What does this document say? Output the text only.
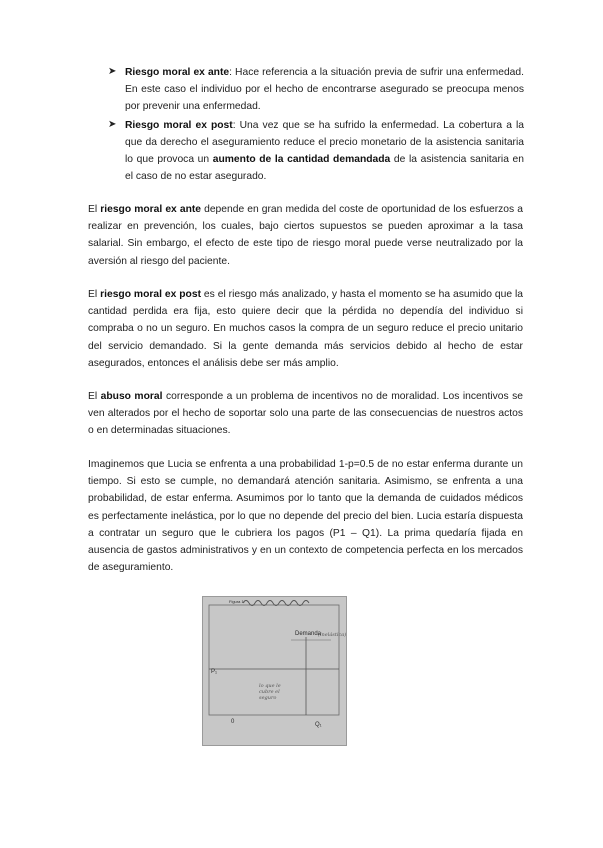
➤ Riesgo moral ex ante: Hace referencia a la situación previa de sufrir una enfermedad. En este caso el individuo por el hecho de encontrarse asegurado se preocupa menos por prevenir una enfermedad.
➤ Riesgo moral ex post: Una vez que se ha sufrido la enfermedad. La cobertura a la que da derecho el aseguramiento reduce el precio monetario de la asistencia sanitaria lo que provoca un aumento de la cantidad demandada de la asistencia sanitaria en el caso de no estar asegurado.
El riesgo moral ex ante depende en gran medida del coste de oportunidad de los esfuerzos a realizar en prevención, los cuales, bajo ciertos supuestos se pueden aproximar a la tasa salarial. Sin embargo, el efecto de este tipo de riesgo moral puede verse neutralizado por la aversión al riesgo del paciente.
El riesgo moral ex post es el riesgo más analizado, y hasta el momento se ha asumido que la cantidad perdida era fija, esto quiere decir que la pérdida no dependía del individuo si compraba o no un seguro. En muchos casos la compra de un seguro reduce el precio unitario del servicio demandado. Si la gente demanda más servicios debido al hecho de estar asegurados, entonces el análisis debe ser más amplio.
El abuso moral corresponde a un problema de incentivos no de moralidad. Los incentivos se ven alterados por el hecho de soportar solo una parte de las consecuencias de nuestros actos o en determinadas situaciones.
Imaginemos que Lucia se enfrenta a una probabilidad 1-p=0.5 de no estar enferma durante un tiempo. Si esto se cumple, no demandará atención sanitaria. Asimismo, se enfrenta a una probabilidad, de estar enferma. Asumimos por lo tanto que la demanda de cuidados médicos es perfectamente inelástica, por lo que no depende del precio del bien. Lucia estaría dispuesta a contratar un seguro que le cubriera los pagos (P1 – Q1). La prima quedaría fijada en ausencia de gastos administrativos y en un contexto de competencia perfecta en los mercados de aseguramiento.
Figura 1.
Demanda
(inelástica)
P₁
lo que le cubre el seguro
0	Q₁
